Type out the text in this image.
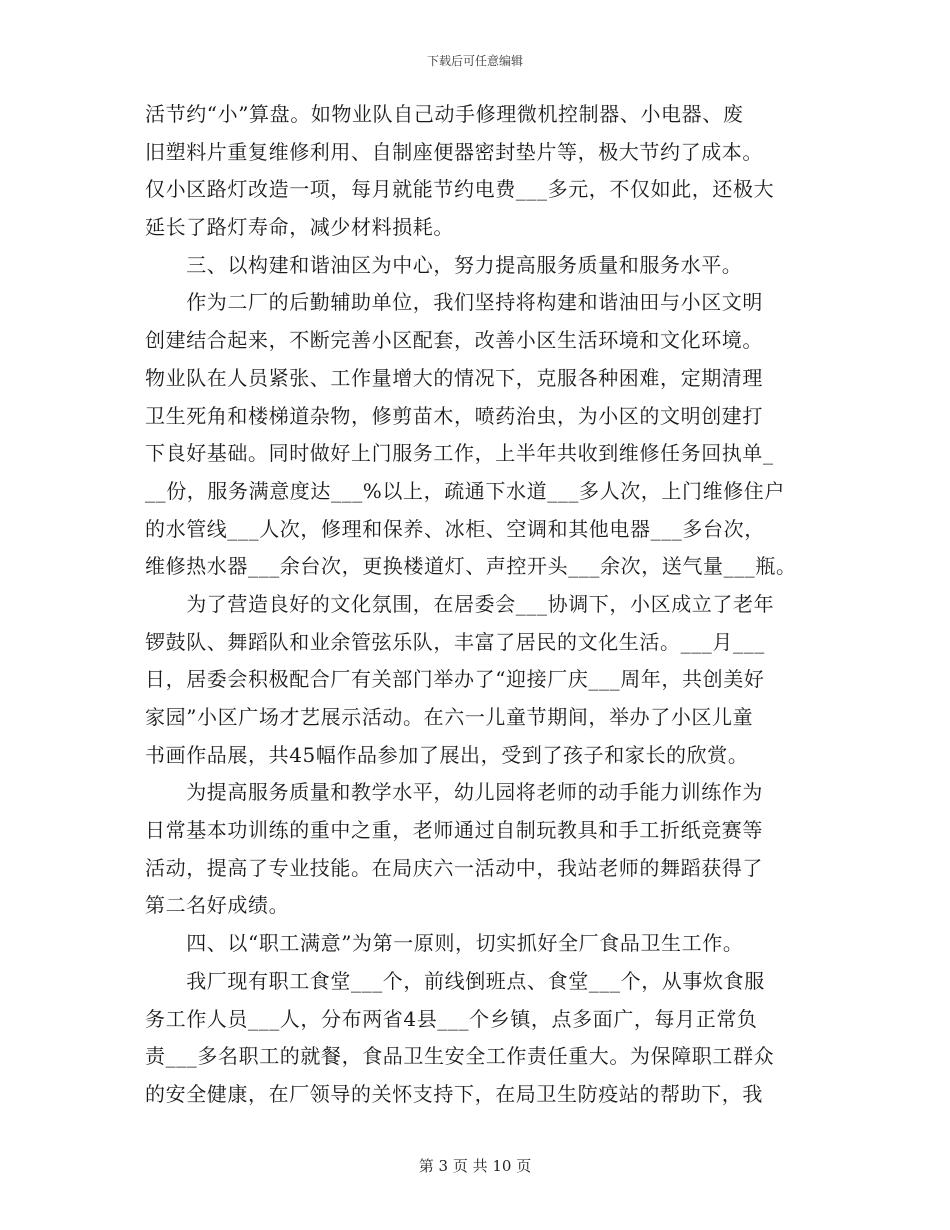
下载后可任意编辑
活节约“小”算盘。如物业队自己动手修理微机控制器、小电器、废
旧塑料片重复维修利用、自制座便器密封垫片等，极大节约了成本。
仅小区路灯改造一项，每月就能节约电费___多元，不仅如此，还极大
延长了路灯寿命，减少材料损耗。
　　三、以构建和谐油区为中心，努力提高服务质量和服务水平。
　　作为二厂的后勤辅助单位，我们坚持将构建和谐油田与小区文明
创建结合起来，不断完善小区配套，改善小区生活环境和文化环境。
物业队在人员紧张、工作量增大的情况下，克服各种困难，定期清理
卫生死角和楼梯道杂物，修剪苗木，喷药治虫，为小区的文明创建打
下良好基础。同时做好上门服务工作，上半年共收到维修任务回执单_
__份，服务满意度达___%以上，疏通下水道___多人次，上门维修住户
的水管线___人次，修理和保养、冰柜、空调和其他电器___多台次，
维修热水器___余台次，更换楼道灯、声控开头___余次，送气量___瓶。
　　为了营造良好的文化氛围，在居委会___协调下，小区成立了老年
锣鼓队、舞蹈队和业余管弦乐队，丰富了居民的文化生活。___月___
日，居委会积极配合厂有关部门举办了“迎接厂庆___周年，共创美好
家园”小区广场才艺展示活动。在六一儿童节期间，举办了小区儿童
书画作品展，共45幅作品参加了展出，受到了孩子和家长的欣赏。
　　为提高服务质量和教学水平，幼儿园将老师的动手能力训练作为
日常基本功训练的重中之重，老师通过自制玩教具和手工折纸竞赛等
活动，提高了专业技能。在局庆六一活动中，我站老师的舞蹈获得了
第二名好成绩。
　　四、以“职工满意”为第一原则，切实抓好全厂食品卫生工作。
　　我厂现有职工食堂___个，前线倒班点、食堂___个，从事炊食服
务工作人员___人，分布两省4县___个乡镇，点多面广，每月正常负
责___多名职工的就餐，食品卫生安全工作责任重大。为保障职工群众
的安全健康，在厂领导的关怀支持下，在局卫生防疫站的帮助下，我
第 3 页 共 10 页
